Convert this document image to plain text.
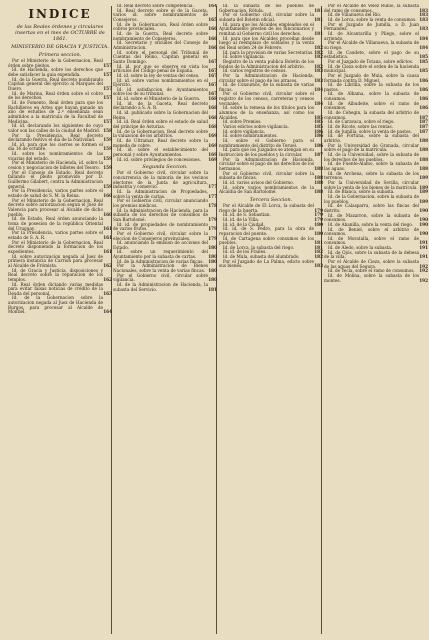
INDICE
de las Reales órdenes y circulares insertas en el mes de OCTUBRE de 1861.
MINISTERIO DE GRACIA Y JUSTICIA.
Primera seccion.
Por el Ministerio de la Gobernacion, Real órden sobre pleitos.	157
Id. de Hacienda, sobre los derechos que debe satisfacer la guia expendida.	157
Id. de la Guerra, Real decreto nombrando Capitan general del ejército al Marqués del Duero.	157
Id. de Marina, Real órden sobre el cobro de los derechos.	157
Id. de Fomento, Real órden para que los Bachilleres en Artes que hayan ganado un año de estudios de 2.º enseñanza sean admitidos a la matrícula de la Facultad de Medicina.	157
Id. id. declarando los siguientes de cuyo valor son las calles de la ciudad de Madrid. 158
Por la Presidencia, Real decreto declarando festivo el dia de la Natividad. 159
Id. id. para que los cierres se formen el dia 16 de octubre.	159
Id. sobre los nombramientos de las vicarias del estado.	159
Por el Ministerio de Hacienda, id. sobre la cesion y negociacion de billetes del Tesoro. 159
Por el Consejo de Estado, Real decreto fallando el pleito promovido por D. Guillermo Gilabert, contra la Administracion general.	159
Por la Presidencia, varios partes sobre el estado de salud de S. M. la Reina.	160
Por el Ministerio de la Gobernacion, Real decreto sobre autorizacion segun el Juez de Valencia para procesar al Alcalde de dicho pueblo.	160
Id. de Estado, Real órden anunciando la toma de posesion de la república Oriental del Uruguay.	161
Por la Presidencia, varios partes sobre el estado de S. A. R.	161
Por el Ministerio de la Gobernacion, Real decreto disponiendo la formacion de los expedientes.	161
Id. sobre autorizacion negada al Juez de primera instancia de Carrion para procesar al Alcalde de Frómista.	162
Id. de Gracia y Justicia, disposiciones y Real decreto sobre la reparacion de los templos.	162
Id. Real órden dictando varias medidas para evitar falsas noticias de crédito de la Deuda del personal.	163
Id. de la Gobernacion sobre la autorizacion negada al Juez de Hacienda de Burgos, para procesar al Alcalde de Montiel.	164
Id. Real decreto sobre competencia.	164
Id. Real decreto sobre el de la Gaceta, varios id. sobre nombramientos de Consejeros.	165
Id. de la Gobernacion, Real órden sobre cobros provinciales.	166
Id. de la Guerra, Real decreto sobre nombramiento de Consejeros.	166
Id. Secretario y oficiales del Consejo de Administracion.	166
Id. sobre el personal del Tribunal de Cuentas del Reino, Capitan general en Santo Domingo.	167
Id. id. por que se observe en vista los artículos del Código penal de España.	167
Id. id. sobre la ley de ventas del censo. 167
Id. id. sobre varios nombramientos en el Ejército.	167
Id. id. satisfaccion de Ayuntamientos sobre los de su tribunal.	167
Id. id. sobre el Ministerio de la Guerra. 168
Id. id. de la Gaceta, Real decreto declarando a S. A. R.	168
Id. id. publicado sobre la Gobernacion del Reino.	168
Id. id. Real órden sobre el estado de salud del principe de Asturias.	168
Id. de la Gobernacion, Real decreto sobre la valuacion de los arbitrios.	169
Id. de Ultramar, Real decreto sobre la moneda de cobre.	169
Id. id. sobre el establecimiento del personal y sobre Ayuntamientos.	169
Id. id. sobre privilegios de concesiones. 169
Segunda Seccion.
Por el Gobierno civil, circular sobre la concurrencia de la minoría de los vecinos electores de la Junta de agricultura, industria y comercio.	177
Id. la Administracion de Propiedades, sobre la venta de cartas.	177
Por el Gobierno civil, circular anunciando los premios médicos.	178
Id. la Administracion de Hacienda, para la subasta de los derechos de consumos de San Bartolomé.	179
Id. id. de propiedades de nombramiento de varios frutos.	179
Por el Gobierno civil, circular sobre la eleccion de Consejeros provinciales.	179
Id. anunciando la emision de acciones del Estado.	180
Id. sobre un requerimiento del Ayuntamiento por la subasta de cartas.	180
Id. de la Administracion de varias fincas. 180
Por la Administracion de Bienes Nacionales, sobre la venta de varias fincas. 180
Por el Gobierno civil, circular sobre vigilancia.	180
Id. de la Administracion de Hacienda, la subasta del Servicio.	181
Id. la subasta de los pueblos de Gobernacion, Rótula.	181
Por el Gobierno civil, circular sobre la subasta del Boletin oficial.	181
Id. para que los Alcaldes empleados en el Ayuntamiento presten de los funcionarios y remitan al Gobierno civil los derechos.	181
Id. para que los Alcaldes procedan desde luego al reemplazo de soldados y la venta del Real orden 24 de Febrero.	182
Id. para la provision de varias Secretarías. 182
Id. sobre vigilancia.	182
Registro de la venta publica Boletin de los fondos de la Administracion del arbitrio. 182
Id. varios registros de censos.	183
Por la Administracion de Hacienda, circular sobre el pago de los atrasos.	183
Id. de Consumos, de la subasta de varias fincas.	184
Por el Gobierno civil, circular sobre el registro de los censos, carreteras y censos vecinales.	184
Id. sobre la remesa de los títulos para los alumnos de la enseñanza, así como los Alcaldes.	185
Id. sobre Premios.	185
Varios edictos sobre vigilancia.	185
Id. sobre vigilancia.	186
Id. sobre nombramientos.	186
Id. sobre el Gobierno para el nombramiento del distrito de Teruel.	186
Id. para que los Juzgados se atengan en su Instruccion de los pueblos y la circular.	187
Por la Administracion de Hacienda, circular sobre el pago de los derechos de los hermanos.	188
Por el Gobierno civil, circular sobre la subasta de fincas.	188
Id. id. varios avisos del Gobierno.	188
Id. sobre varios nombramientos de la Alcaldia de San Bartolomé.	188
Tercera Seccion.
Por el Alcalde de El Lorca, la subasta del riego de la huerta.	179
Id. id. de S. Sebastian.	179
Id. id. de la Villa.	179
Id. id. de la Ciudad.	180
Id. id. de S. Pedro, para la obra de reparacion del puente.	180
Id. de Cartagena sobre consumos de los pueblos.	181
Id. de Lorca, la subasta del riego.	181
Id. id. de los Frailes.	182
Id. de Mula, subasta del alumbrado.	182
Por el Juzgado de La Palma, edicto sobre sus bienes.	183
Por el Alcalde de Velez Rubio, la subasta del ramo de consumos.	183
Id. de Villanueva del Rio.	183
Id. de Lorca, sobre la venta de consumos. 183
Por el Juzgado de Jumilla, a D. Juan Fernandez.	183
Id. de Alcantarilla y Pliego, sobre el arriendo.	184
Por el Alcalde de Villanueva, la subasta de su riego.	184
Id. de Caudete, sobre el pago de su estadística.	185
Por el Juzgado de Totana, sobre edictos. 185
Id. de Cieza sobre el orden de la hacienda municipal.	185
Por el Juzgado de Mula, sobre la causa formada contra D. Miguel.	186
Id. de Librilla, sobre la subasta de los pastos.	186
Id. de Alhama, sobre la subasta de consumos.	186
Id. de Albudeite, sobre el ramo de consumos.	186
Id. de Cehegin, la subasta del arbitrio de consumos.	187
Id. de Caravaca, sobre el riego.	187
Id. de Ricote, sobre las rentas.	187
Id. de Jumilla, sobre la venta de pastos. 187
Id. de Fortuna, sobre la subasta del arbitrio.	188
Por la Universidad de Granada, circular sobre el pago de la matrícula.	188
Id. de la Universidad, sobre la subasta de los derechos de los pueblos.	188
Id. de Fuente-Alamo, sobre la subasta de las aguas.	188
Id. de Archena, sobre la subasta de los terrenos.	189
Por la Universidad de Sevilla, circular sobre la venta de los bienes de la matrícula. 189
Id. de Blanca, sobre la subasta.	189
Id. de la Gobernacion, sobre la subasta de los pueblos.	189
Id. de Calasparra, sobre las fincas del distrito.	190
Id. de Mazarron, sobre la subasta de consumos.	190
Id. de Abanilla, sobre la venta del riego. 190
Id. de Beniel, sobre el arbitrio de consumos.	190
Id. de Moratalla, sobre el ramo de consumos.	191
Id. de Aledo, sobre la subasta.	191
Id. de Ojós, sobre la subasta de la dehesa de la villa.	191
Por el Alcalde de Cieza, sobre la subasta de las aguas del Segura.	192
Id. de Yecla, sobre el ramo de consumos. 192
Id. de Molina, sobre la subasta de los montes.	192
